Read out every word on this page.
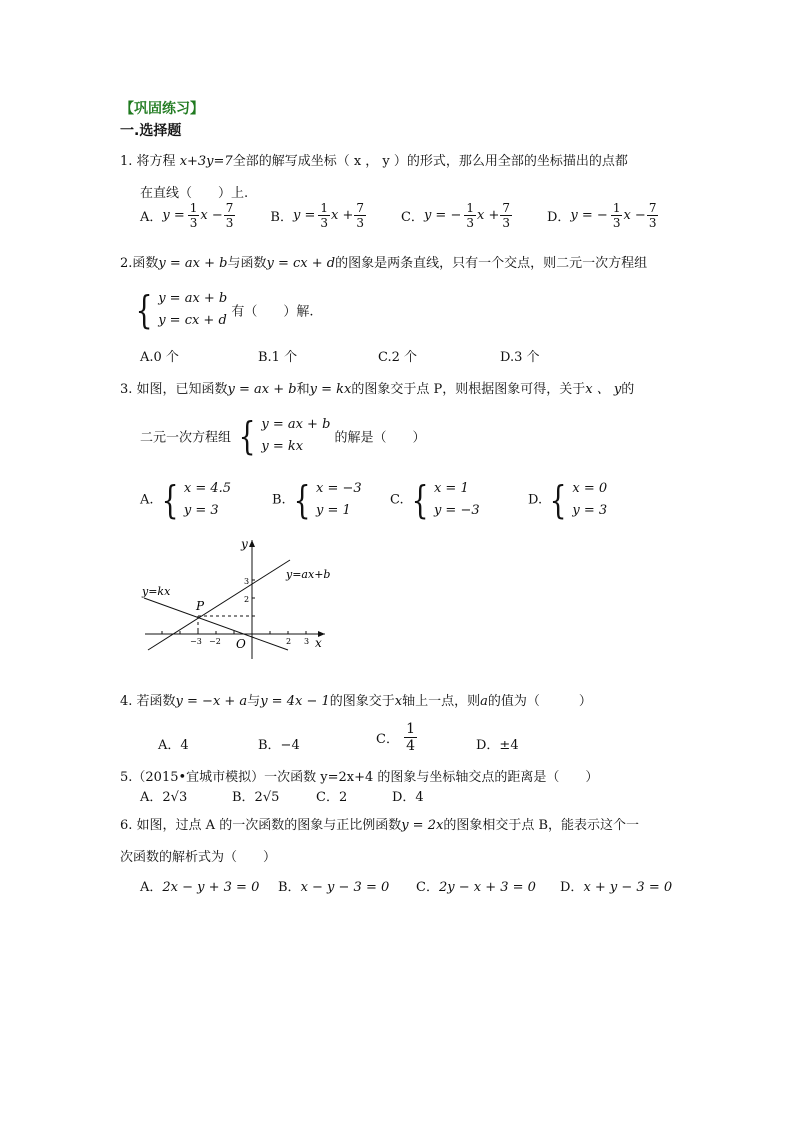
【巩固练习】
一.选择题
1. 将方程 x+3y=7全部的解写成坐标（ x ， y ）的形式，那么用全部的坐标描出的点都
在直线（　　）上.
A．$y = \frac{1}{3}$ $x - \frac{7}{3}$	B．$y = \frac{1}{3}$ $x + \frac{7}{3}$	C．y = − $\frac{1}{3}$ $x + \frac{7}{3}$	D．y = − $\frac{1}{3}$ $x - \frac{7}{3}$
2.函数y = ax + b与函数y = cx + d的图象是两条直线，只有一个交点，则二元一次方程组
{ y = ax + b
y = cx + d
有（　　）解.
A.0 个	B.1 个	C.2 个	D.3 个
3. 如图，已知函数y = ax + b和y = kx的图象交于点 P，则根据图象可得，关于x 、 y的
二元一次方程组 { y = ax + b
y = kx
的解是（　　）
A. { x = 4.5
y = 3
B. { x = −3
y = 1
C. { x = 1
y = −3
D. { x = 0
y = 3
y
x
O
P
y=ax+b
y=kx
3
2
−3 −2	2 3
4. 若函数y = −x + a与y = 4x − 1的图象交于x轴上一点，则a的值为（　　　）
A．4	B．−4	C． $\frac{1}{4}$	D．±4
5.（2015•宜城市模拟）一次函数 y=2x+4 的图象与坐标轴交点的距离是（　　）
A．2√3	B．2√5	C．2	D．4
6. 如图，过点 A 的一次函数的图象与正比例函数y = 2x的图象相交于点 B，能表示这个一
次函数的解析式为（　　）
A．2x − y + 3 = 0 B．x − y − 3 = 0 C．2y − x + 3 = 0 D．x + y − 3 = 0
